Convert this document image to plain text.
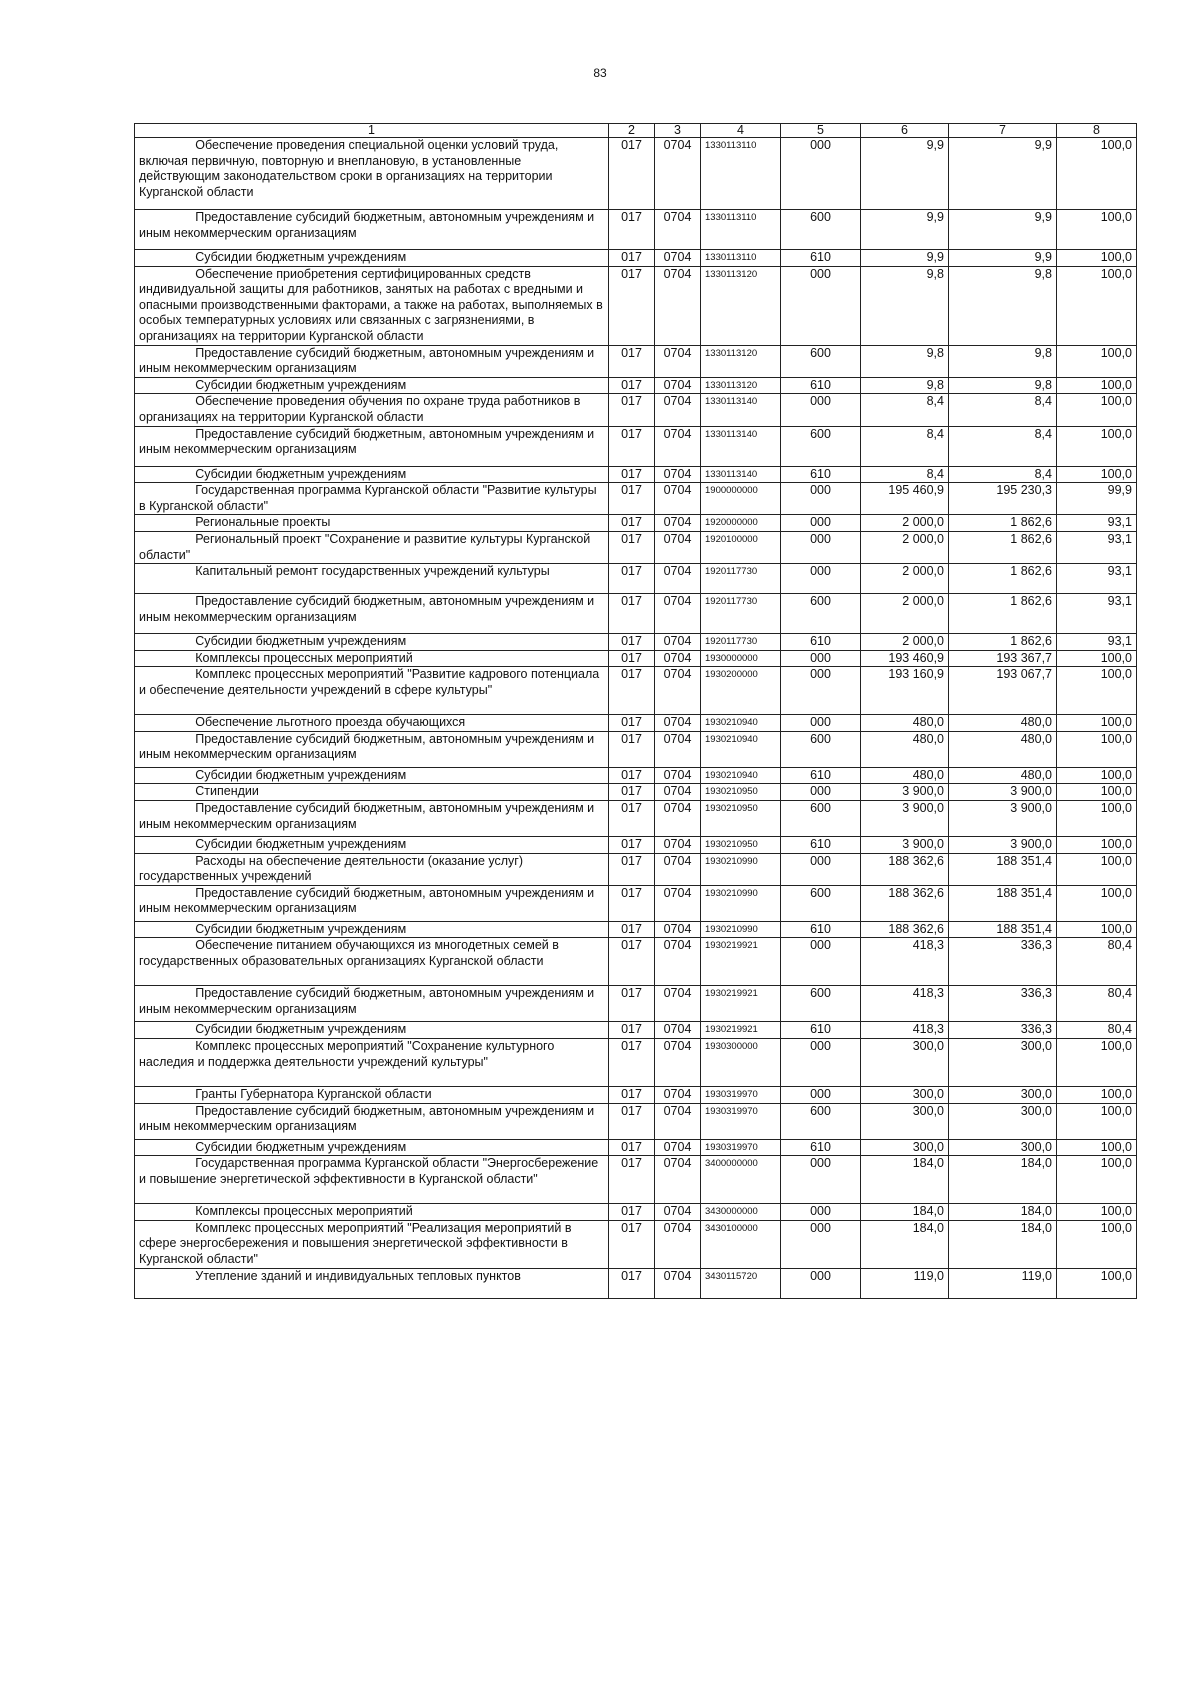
83
1	2	3	4	5	6	7	8
Обеспечение проведения специальной оценки условий труда, включая первичную, повторную и внеплановую, в установленные действующим законодательством сроки в организациях на территории Курганской области	017	0704	1330113110	000	9,9	9,9	100,0
Предоставление субсидий бюджетным, автономным учреждениям и иным некоммерческим организациям	017	0704	1330113110	600	9,9	9,9	100,0
Субсидии бюджетным учреждениям	017	0704	1330113110	610	9,9	9,9	100,0
Обеспечение приобретения сертифицированных средств индивидуальной защиты для работников, занятых на работах с вредными и опасными производственными факторами, а также на работах, выполняемых в особых температурных условиях или связанных с загрязнениями, в организациях на территории Курганской области	017	0704	1330113120	000	9,8	9,8	100,0
Предоставление субсидий бюджетным, автономным учреждениям и иным некоммерческим организациям	017	0704	1330113120	600	9,8	9,8	100,0
Субсидии бюджетным учреждениям	017	0704	1330113120	610	9,8	9,8	100,0
Обеспечение проведения обучения по охране труда работников в организациях на территории Курганской области	017	0704	1330113140	000	8,4	8,4	100,0
Предоставление субсидий бюджетным, автономным учреждениям и иным некоммерческим организациям	017	0704	1330113140	600	8,4	8,4	100,0
Субсидии бюджетным учреждениям	017	0704	1330113140	610	8,4	8,4	100,0
Государственная программа Курганской области "Развитие культуры в Курганской области"	017	0704	1900000000	000	195 460,9	195 230,3	99,9
Региональные проекты	017	0704	1920000000	000	2 000,0	1 862,6	93,1
Региональный проект "Сохранение и развитие культуры Курганской области"	017	0704	1920100000	000	2 000,0	1 862,6	93,1
Капитальный ремонт государственных учреждений культуры	017	0704	1920117730	000	2 000,0	1 862,6	93,1
Предоставление субсидий бюджетным, автономным учреждениям и иным некоммерческим организациям	017	0704	1920117730	600	2 000,0	1 862,6	93,1
Субсидии бюджетным учреждениям	017	0704	1920117730	610	2 000,0	1 862,6	93,1
Комплексы процессных мероприятий	017	0704	1930000000	000	193 460,9	193 367,7	100,0
Комплекс процессных мероприятий "Развитие кадрового потенциала и обеспечение деятельности учреждений в сфере культуры"	017	0704	1930200000	000	193 160,9	193 067,7	100,0
Обеспечение льготного проезда обучающихся	017	0704	1930210940	000	480,0	480,0	100,0
Предоставление субсидий бюджетным, автономным учреждениям и иным некоммерческим организациям	017	0704	1930210940	600	480,0	480,0	100,0
Субсидии бюджетным учреждениям	017	0704	1930210940	610	480,0	480,0	100,0
Стипендии	017	0704	1930210950	000	3 900,0	3 900,0	100,0
Предоставление субсидий бюджетным, автономным учреждениям и иным некоммерческим организациям	017	0704	1930210950	600	3 900,0	3 900,0	100,0
Субсидии бюджетным учреждениям	017	0704	1930210950	610	3 900,0	3 900,0	100,0
Расходы на обеспечение деятельности (оказание услуг) государственных учреждений	017	0704	1930210990	000	188 362,6	188 351,4	100,0
Предоставление субсидий бюджетным, автономным учреждениям и иным некоммерческим организациям	017	0704	1930210990	600	188 362,6	188 351,4	100,0
Субсидии бюджетным учреждениям	017	0704	1930210990	610	188 362,6	188 351,4	100,0
Обеспечение питанием обучающихся из многодетных семей в государственных образовательных организациях Курганской области	017	0704	1930219921	000	418,3	336,3	80,4
Предоставление субсидий бюджетным, автономным учреждениям и иным некоммерческим организациям	017	0704	1930219921	600	418,3	336,3	80,4
Субсидии бюджетным учреждениям	017	0704	1930219921	610	418,3	336,3	80,4
Комплекс процессных мероприятий "Сохранение культурного наследия и поддержка деятельности учреждений культуры"	017	0704	1930300000	000	300,0	300,0	100,0
Гранты Губернатора Курганской области	017	0704	1930319970	000	300,0	300,0	100,0
Предоставление субсидий бюджетным, автономным учреждениям и иным некоммерческим организациям	017	0704	1930319970	600	300,0	300,0	100,0
Субсидии бюджетным учреждениям	017	0704	1930319970	610	300,0	300,0	100,0
Государственная программа Курганской области "Энергосбережение и повышение энергетической эффективности в Курганской области"	017	0704	3400000000	000	184,0	184,0	100,0
Комплексы процессных мероприятий	017	0704	3430000000	000	184,0	184,0	100,0
Комплекс процессных мероприятий "Реализация мероприятий в сфере энергосбережения и повышения энергетической эффективности в Курганской области"	017	0704	3430100000	000	184,0	184,0	100,0
Утепление зданий и индивидуальных тепловых пунктов	017	0704	3430115720	000	119,0	119,0	100,0
